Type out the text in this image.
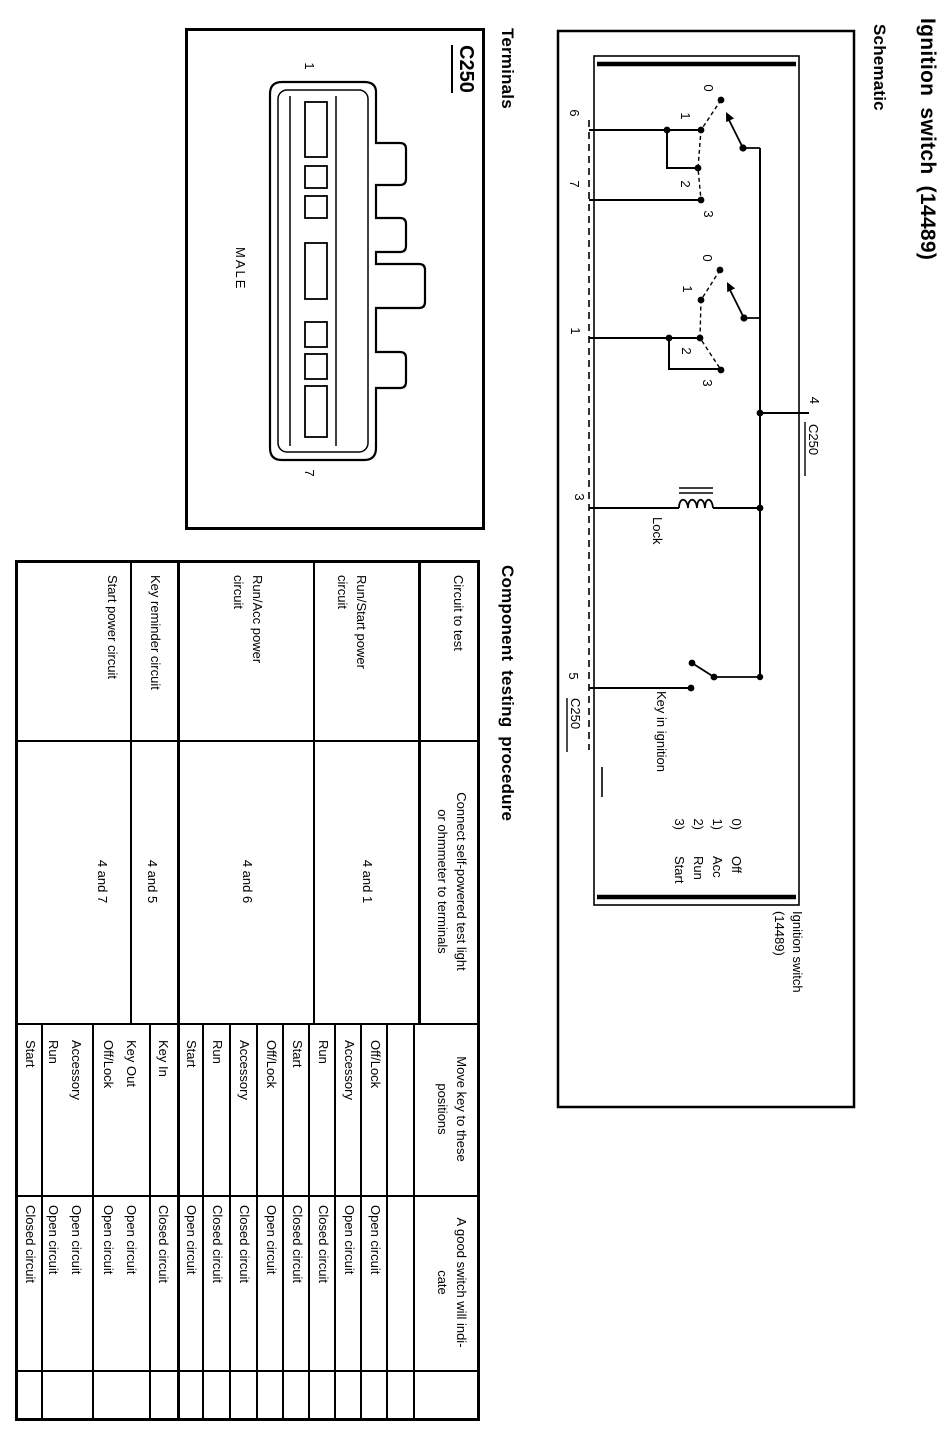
Ignition switch (14489)
Schematic
Terminals
Component testing procedure
0
1
2
3
0
1
2
3
6
7
1
3
5
C250
4
C250
Lock
Key in ignition
0)
Off
1)
Acc
2)
Run
3)
Start
Ignition switch
(14489)
1
7
MALE
C250
Circuit to test
Connect self-powered test light
or ohmmeter to terminals
Move key to these
positions
A good switch will indi-
cate
Run/Start power
circuit
4 and 1
Run/Acc power
circuit
4 and 6
Key reminder circuit
4 and 5
Start power circuit
4 and 7
Off/Lock
Open circuit
Accessory
Open circuit
Run
Closed circuit
Start
Closed circuit
Off/Lock
Open circuit
Accessory
Closed circuit
Run
Closed circuit
Start
Open circuit
Key In
Closed circuit
Key Out
Off/Lock
Open circuit
Open circuit
Accessory
Run
Open circuit
Open circuit
Start
Closed circuit
